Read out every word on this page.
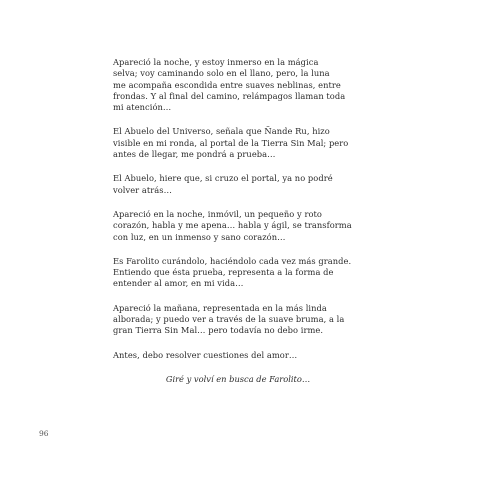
Apareció la noche, y estoy inmerso en la mágica
selva; voy caminando solo en el llano, pero, la luna
me acompaña escondida entre suaves neblinas, entre
frondas. Y al final del camino, relámpagos llaman toda
mi atención…

El Abuelo del Universo, señala que Ñande Ru, hizo
visible en mi ronda, al portal de la Tierra Sin Mal; pero
antes de llegar, me pondrá a prueba…

El Abuelo, hiere que, si cruzo el portal, ya no podré
volver atrás…

Apareció en la noche, inmóvil, un pequeño y roto
corazón, habla y me apena… habla y ágil, se transforma
con luz, en un inmenso y sano corazón…

Es Farolito curándolo, haciéndolo cada vez más grande.
Entiendo que ésta prueba, representa a la forma de
entender al amor, en mi vida…

Apareció la mañana, representada en la más linda
alborada; y puedo ver a través de la suave bruma, a la
gran Tierra Sin Mal… pero todavía no debo irme.

Antes, debo resolver cuestiones del amor…

Giré y volví en busca de Farolito…

96
